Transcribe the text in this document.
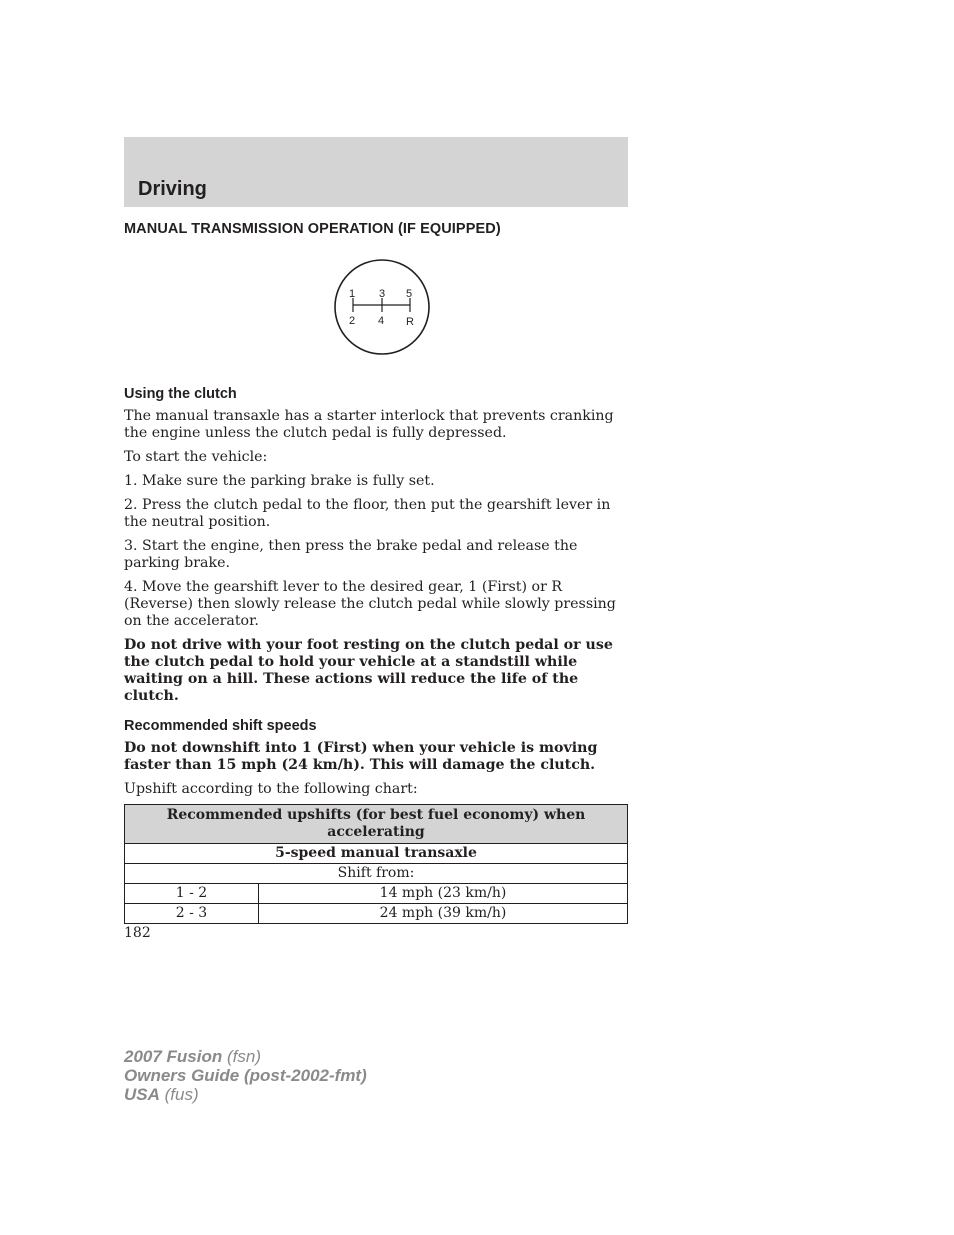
Driving
MANUAL TRANSMISSION OPERATION (IF EQUIPPED)
1 3 5
2 4 R
Using the clutch

The manual transaxle has a starter interlock that prevents cranking the engine unless the clutch pedal is fully depressed.

To start the vehicle:

1. Make sure the parking brake is fully set.

2. Press the clutch pedal to the floor, then put the gearshift lever in the neutral position.

3. Start the engine, then press the brake pedal and release the parking brake.

4. Move the gearshift lever to the desired gear, 1 (First) or R (Reverse) then slowly release the clutch pedal while slowly pressing on the accelerator.

Do not drive with your foot resting on the clutch pedal or use the clutch pedal to hold your vehicle at a standstill while waiting on a hill. These actions will reduce the life of the clutch.

Recommended shift speeds

Do not downshift into 1 (First) when your vehicle is moving faster than 15 mph (24 km/h). This will damage the clutch.

Upshift according to the following chart:

Recommended upshifts (for best fuel economy) when accelerating	
5-speed manual transaxle	
Shift from:	
1 - 2	14 mph (23 km/h)
2 - 3	24 mph (39 km/h)
182
2007 Fusion (fsn)
Owners Guide (post-2002-fmt)
USA (fus)
